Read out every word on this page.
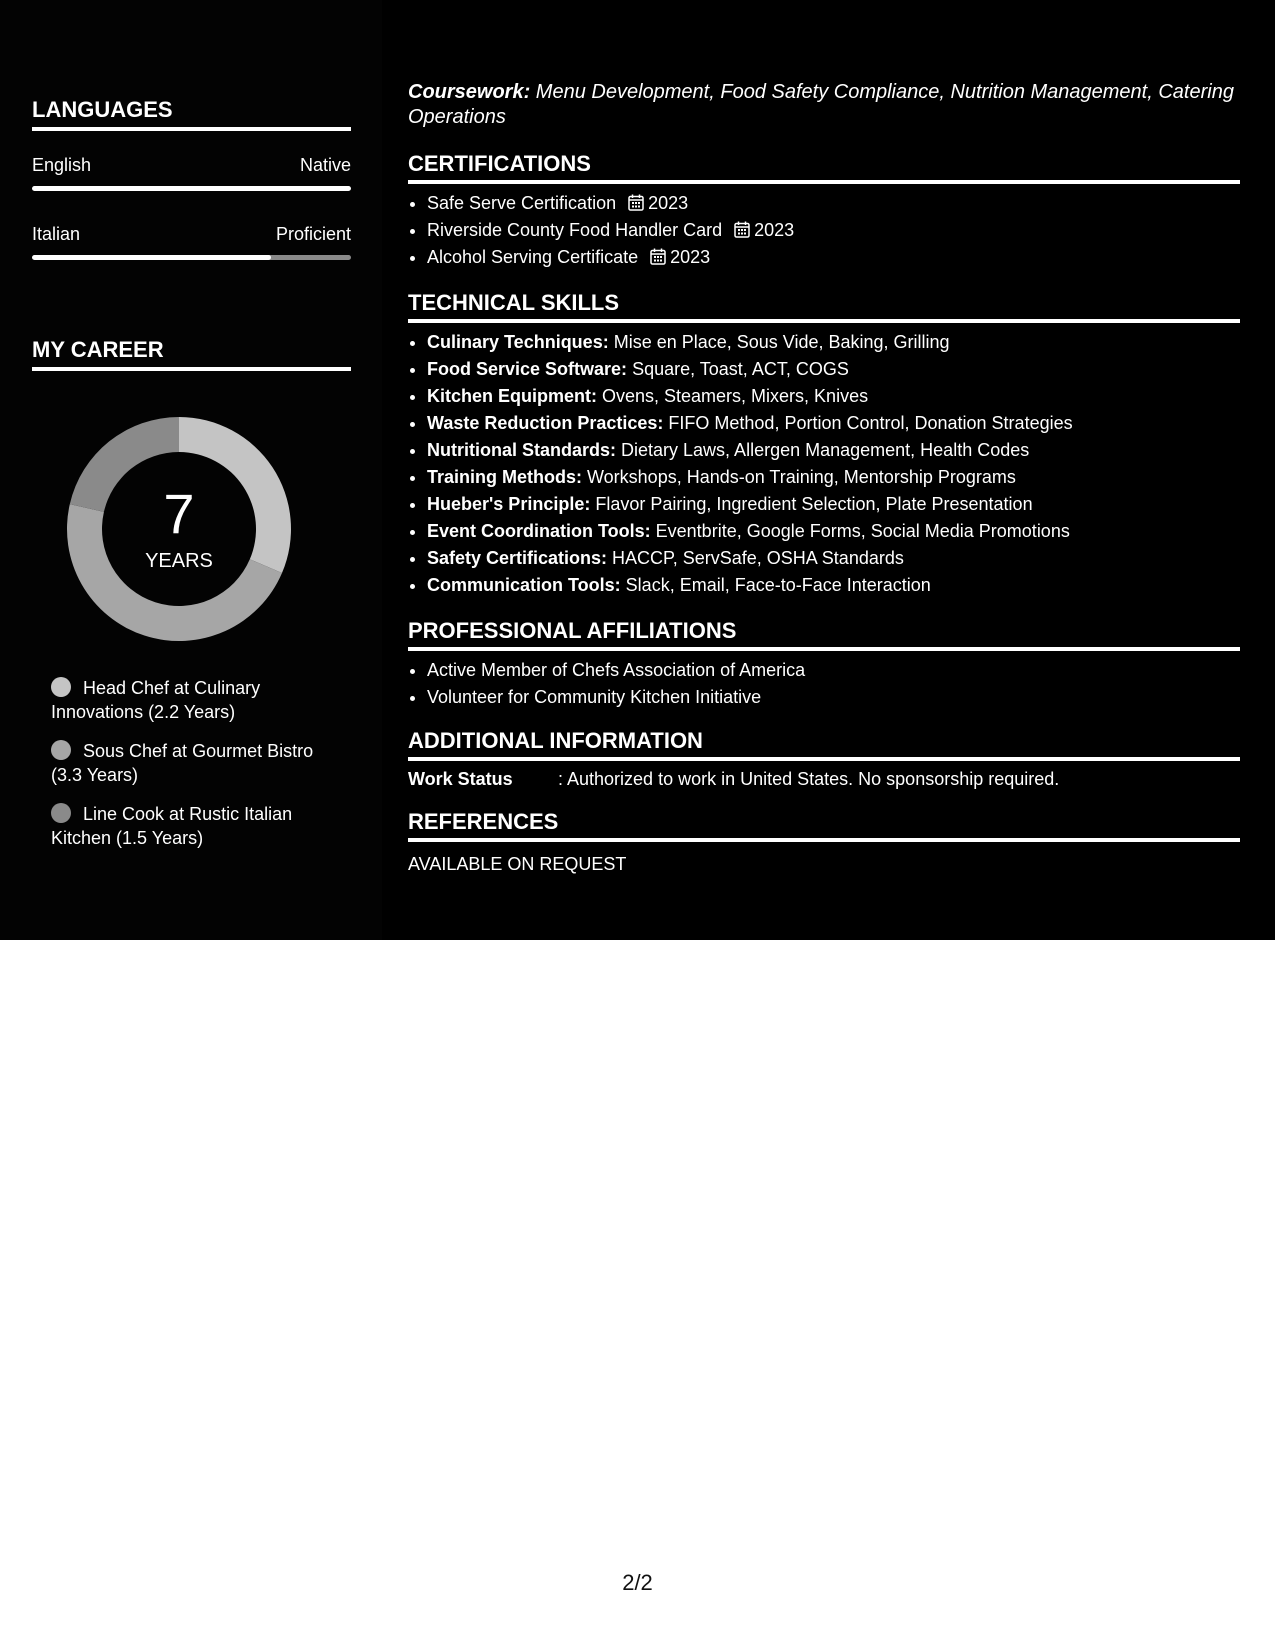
LANGUAGES
English	Native
Italian	Proficient
MY CAREER
7
YEARS
Head Chef at Culinary Innovations (2.2 Years)
Sous Chef at Gourmet Bistro (3.3 Years)
Line Cook at Rustic Italian Kitchen (1.5 Years)
Coursework: Menu Development, Food Safety Compliance, Nutrition Management, Catering Operations
CERTIFICATIONS
• Safe Serve Certification 2023
• Riverside County Food Handler Card 2023
• Alcohol Serving Certificate 2023
TECHNICAL SKILLS
• Culinary Techniques: Mise en Place, Sous Vide, Baking, Grilling
• Food Service Software: Square, Toast, ACT, COGS
• Kitchen Equipment: Ovens, Steamers, Mixers, Knives
• Waste Reduction Practices: FIFO Method, Portion Control, Donation Strategies
• Nutritional Standards: Dietary Laws, Allergen Management, Health Codes
• Training Methods: Workshops, Hands-on Training, Mentorship Programs
• Hueber's Principle: Flavor Pairing, Ingredient Selection, Plate Presentation
• Event Coordination Tools: Eventbrite, Google Forms, Social Media Promotions
• Safety Certifications: HACCP, ServSafe, OSHA Standards
• Communication Tools: Slack, Email, Face-to-Face Interaction
PROFESSIONAL AFFILIATIONS
• Active Member of Chefs Association of America
• Volunteer for Community Kitchen Initiative
ADDITIONAL INFORMATION
Work Status	: Authorized to work in United States. No sponsorship required.
REFERENCES
AVAILABLE ON REQUEST
2/2
